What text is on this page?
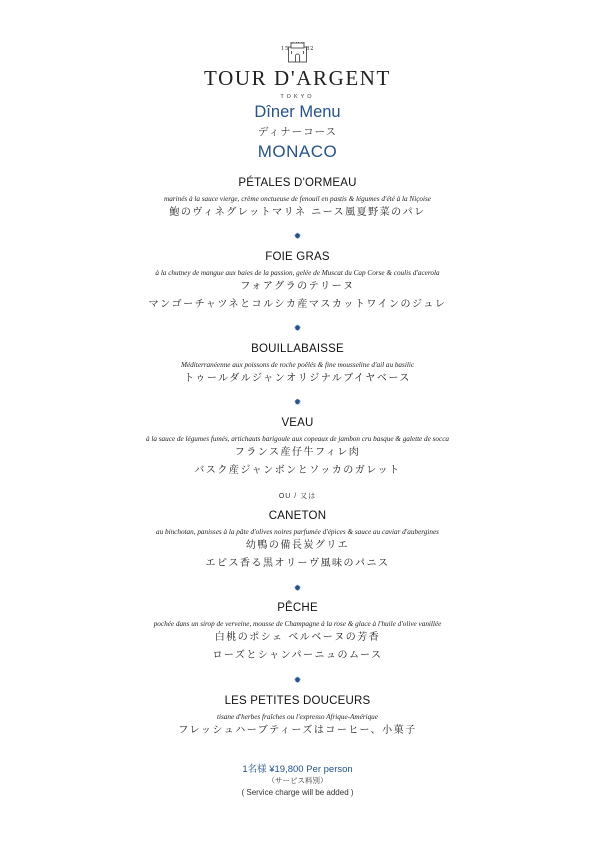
15	82
TOUR D'ARGENT
TOKYO
Dîner Menu
ディナーコース
MONACO
PÉTALES D'ORMEAU
marinés à la sauce vierge, crème onctueuse de fenouil en pastis & légumes d'été à la Niçoise
鮑のヴィネグレットマリネ ニース風夏野菜のパレ
✹
FOIE GRAS
à la chutney de mangue aux baies de la passion, gelée de Muscat du Cap Corse & coulis d'acerola
フォアグラのテリーヌ
マンゴーチャツネとコルシカ産マスカットワインのジュレ
✹
BOUILLABAISSE
Méditerranéenne aux poissons de roche poêlés & fine mousseline d'ail au basilic
トゥールダルジャンオリジナルブイヤベース
✹
VEAU
à la sauce de légumes fumés, artichauts barigoule aux copeaux de jambon cru basque & galette de socca
フランス産仔牛フィレ肉
バスク産ジャンボンとソッカのガレット
OU / 又は
CANETON
au binchotan, panisses à la pâte d'olives noires parfumée d'épices & sauce au caviar d'aubergines
幼鴨の備長炭グリエ
エピス香る黒オリーヴ風味のパニス
✹
PÊCHE
pochée dans un sirop de verveine, mousse de Champagne à la rose & glace à l'huile d'olive vanillée
白桃のポシェ ベルベーヌの芳香
ローズとシャンパーニュのムース
✹
LES PETITES DOUCEURS
tisane d'herbes fraîches ou l'expresso Afrique-Amérique
フレッシュハーブティーズはコーヒー、小菓子
1名様 ¥19,800 Per person
（サービス料別）
( Service charge will be added )
